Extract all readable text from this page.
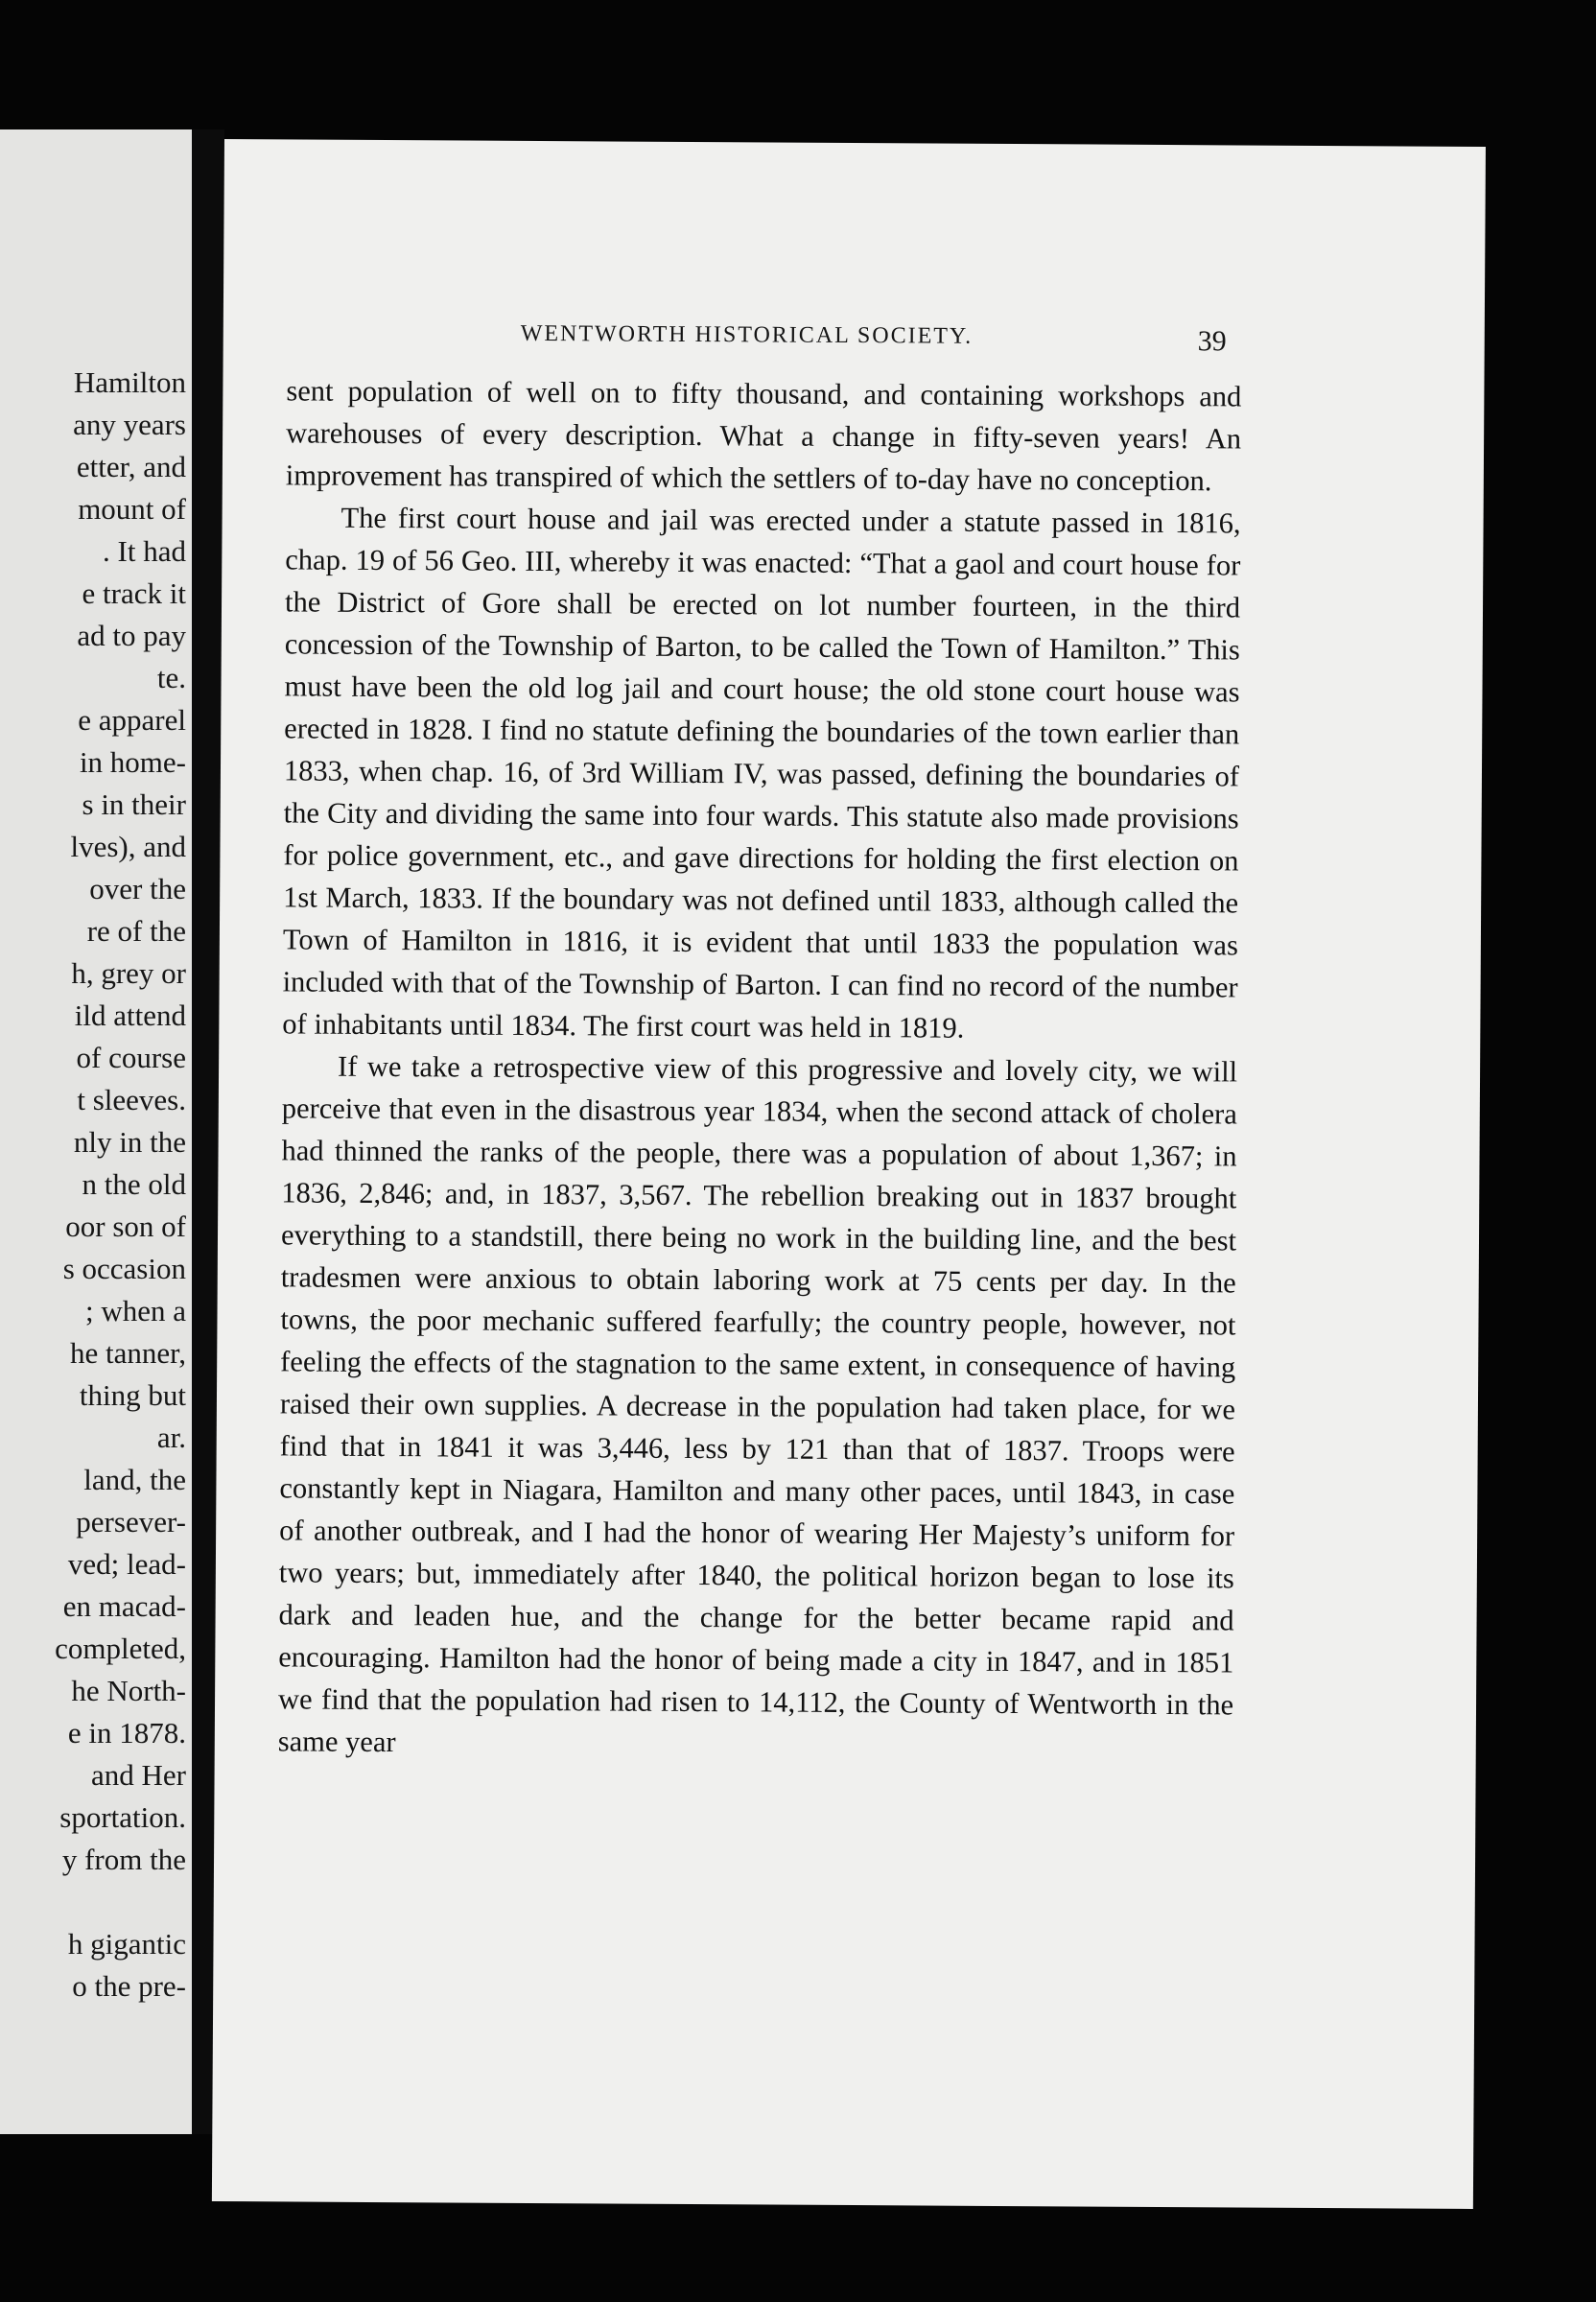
Hamilton
any years
etter, and
mount of
. It had
e track it
ad to pay
te.
e apparel
in home-
s in their
lves), and
over the
re of the
h, grey or
ild attend
of course
t sleeves.
nly in the
n the old
oor son of
s occasion
; when a
he tanner,
thing but
ar.
land, the
persever-
ved; lead-
en macad-
completed,
he North-
e in 1878.
and Her
sportation.
y from the
h gigantic
o the pre-
WENTWORTH HISTORICAL SOCIETY.	39

sent population of well on to fifty thousand, and containing workshops and warehouses of every description. What a change in fifty-seven years! An improvement has transpired of which the settlers of to-day have no conception.

The first court house and jail was erected under a statute passed in 1816, chap. 19 of 56 Geo. III, whereby it was enacted: “That a gaol and court house for the District of Gore shall be erected on lot number fourteen, in the third concession of the Township of Barton, to be called the Town of Hamilton.” This must have been the old log jail and court house; the old stone court house was erected in 1828. I find no statute defining the boundaries of the town earlier than 1833, when chap. 16, of 3rd William IV, was passed, defining the boundaries of the City and dividing the same into four wards. This statute also made provisions for police government, etc., and gave directions for holding the first election on 1st March, 1833. If the boundary was not defined until 1833, although called the Town of Hamilton in 1816, it is evident that until 1833 the population was included with that of the Township of Barton. I can find no record of the number of inhabitants until 1834. The first court was held in 1819.

If we take a retrospective view of this progressive and lovely city, we will perceive that even in the disastrous year 1834, when the second attack of cholera had thinned the ranks of the people, there was a population of about 1,367; in 1836, 2,846; and, in 1837, 3,567. The rebellion breaking out in 1837 brought everything to a standstill, there being no work in the building line, and the best tradesmen were anxious to obtain laboring work at 75 cents per day. In the towns, the poor mechanic suffered fearfully; the country people, however, not feeling the effects of the stagnation to the same extent, in consequence of having raised their own supplies. A decrease in the population had taken place, for we find that in 1841 it was 3,446, less by 121 than that of 1837. Troops were constantly kept in Niagara, Hamilton and many other paces, until 1843, in case of another outbreak, and I had the honor of wearing Her Majesty’s uniform for two years; but, immediately after 1840, the political horizon began to lose its dark and leaden hue, and the change for the better became rapid and encouraging. Hamilton had the honor of being made a city in 1847, and in 1851 we find that the population had risen to 14,112, the County of Wentworth in the same year
